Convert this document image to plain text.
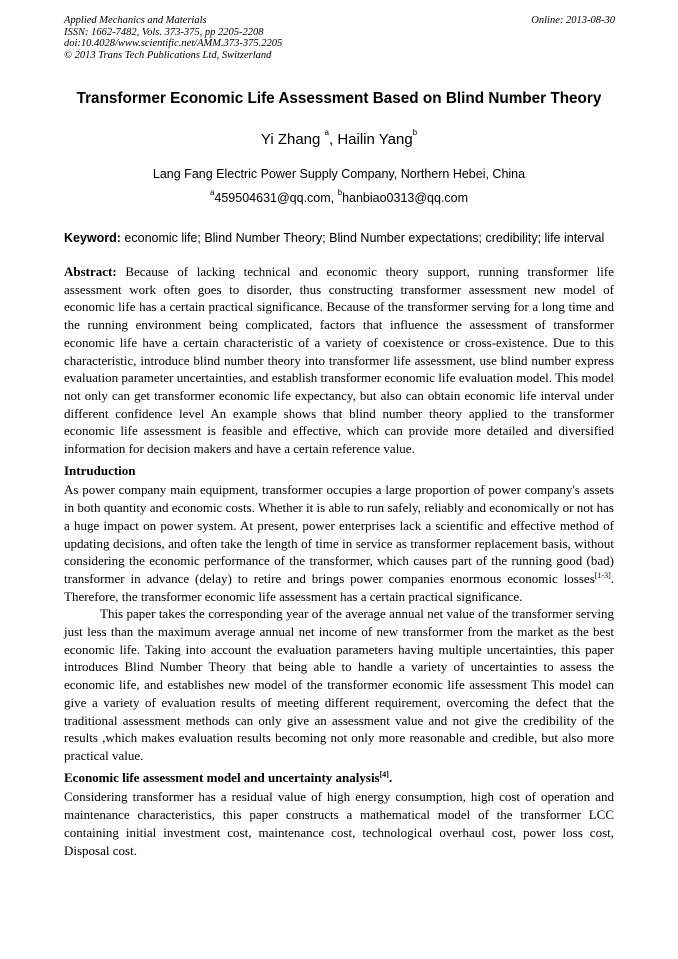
Applied Mechanics and Materials
ISSN: 1662-7482, Vols. 373-375, pp 2205-2208
doi:10.4028/www.scientific.net/AMM.373-375.2205
© 2013 Trans Tech Publications Ltd, Switzerland
Online: 2013-08-30
Transformer Economic Life Assessment Based on Blind Number Theory
Yi Zhang $^a$, Hailin Yang$^b$
Lang Fang Electric Power Supply Company, Northern Hebei, China
$^a$459504631@qq.com, $^b$hanbiao0313@qq.com
Keyword: economic life; Blind Number Theory; Blind Number expectations; credibility; life interval

Abstract: Because of lacking technical and economic theory support, running transformer life assessment work often goes to disorder, thus constructing transformer assessment new model of economic life has a certain practical significance. Because of the transformer serving for a long time and the running environment being complicated, factors that influence the assessment of transformer economic life have a certain characteristic of a variety of coexistence or cross-existence. Due to this characteristic, introduce blind number theory into transformer life assessment, use blind number express evaluation parameter uncertainties, and establish transformer economic life evaluation model. This model not only can get transformer economic life expectancy, but also can obtain economic life interval under different confidence level An example shows that blind number theory applied to the transformer economic life assessment is feasible and effective, which can provide more detailed and diversified information for decision makers and have a certain reference value.

Intruduction

As power company main equipment, transformer occupies a large proportion of power company's assets in both quantity and economic costs. Whether it is able to run safely, reliably and economically or not has a huge impact on power system. At present, power enterprises lack a scientific and effective method of updating decisions, and often take the length of time in service as transformer replacement basis, without considering the economic performance of the transformer, which causes part of the running good (bad) transformer in advance (delay) to retire and brings power companies enormous economic losses[1-3]. Therefore, the transformer economic life assessment has a certain practical significance.

This paper takes the corresponding year of the average annual net value of the transformer serving just less than the maximum average annual net income of new transformer from the market as the best economic life. Taking into account the evaluation parameters having multiple uncertainties, this paper introduces Blind Number Theory that being able to handle a variety of uncertainties to assess the economic life, and establishes new model of the transformer economic life assessment This model can give a variety of evaluation results of meeting different requirement, overcoming the defect that the traditional assessment methods can only give an assessment value and not give the credibility of the results ,which makes evaluation results becoming not only more reasonable and credible, but also more practical value.

Economic life assessment model and uncertainty analysis[4].

Considering transformer has a residual value of high energy consumption, high cost of operation and maintenance characteristics, this paper constructs a mathematical model of the transformer LCC containing initial investment cost, maintenance cost, technological overhaul cost, power loss cost, Disposal cost.
